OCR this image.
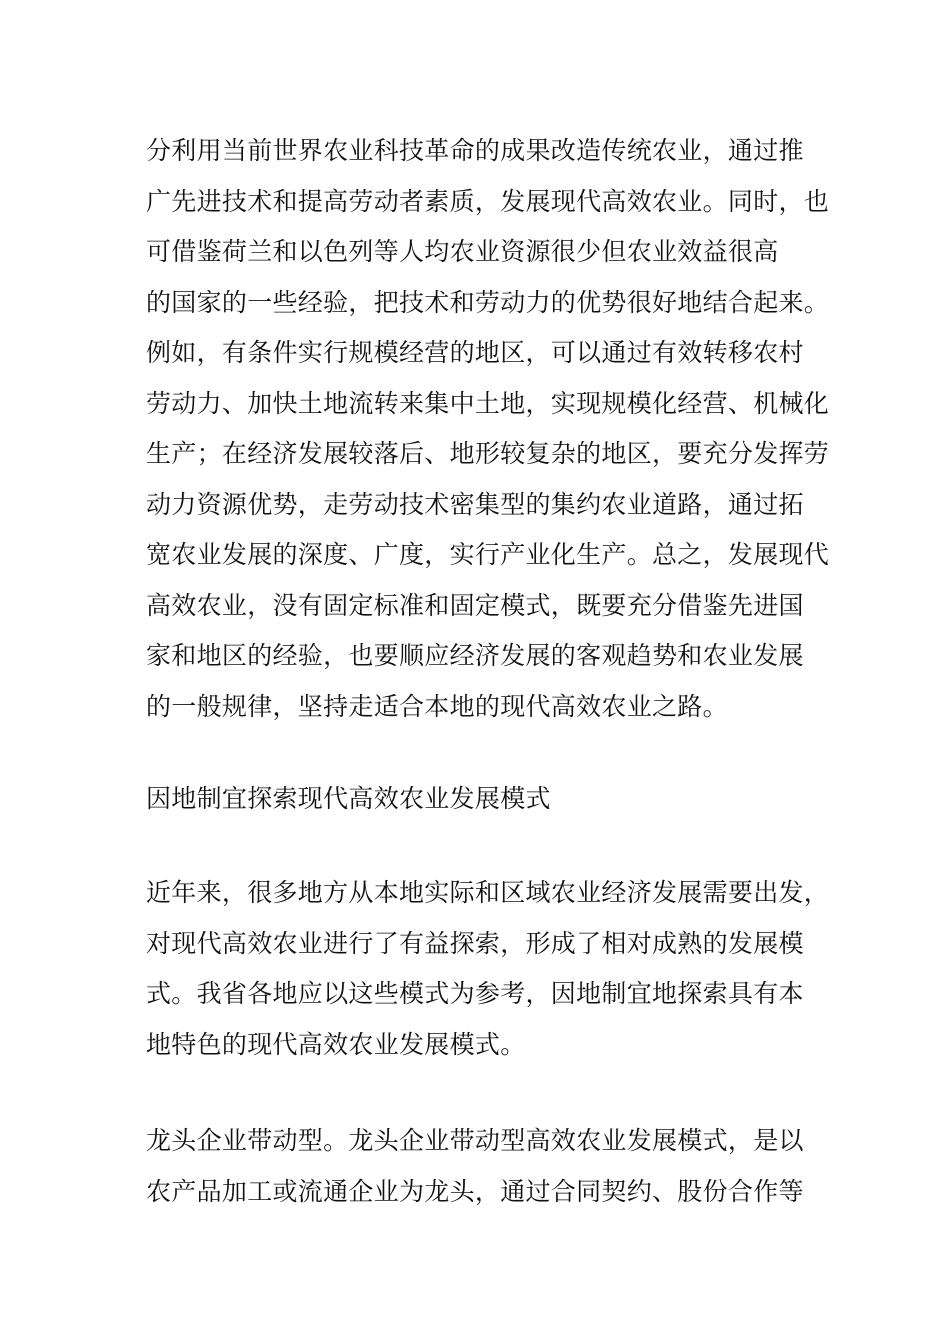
分利用当前世界农业科技革命的成果改造传统农业，通过推
广先进技术和提高劳动者素质，发展现代高效农业。同时，也
可借鉴荷兰和以色列等人均农业资源很少但农业效益很高
的国家的一些经验，把技术和劳动力的优势很好地结合起来。
例如，有条件实行规模经营的地区，可以通过有效转移农村
劳动力、加快土地流转来集中土地，实现规模化经营、机械化
生产；在经济发展较落后、地形较复杂的地区，要充分发挥劳
动力资源优势，走劳动技术密集型的集约农业道路，通过拓
宽农业发展的深度、广度，实行产业化生产。总之，发展现代
高效农业，没有固定标准和固定模式，既要充分借鉴先进国
家和地区的经验，也要顺应经济发展的客观趋势和农业发展
的一般规律，坚持走适合本地的现代高效农业之路。
因地制宜探索现代高效农业发展模式
近年来，很多地方从本地实际和区域农业经济发展需要出发，
对现代高效农业进行了有益探索，形成了相对成熟的发展模
式。我省各地应以这些模式为参考，因地制宜地探索具有本
地特色的现代高效农业发展模式。
龙头企业带动型。龙头企业带动型高效农业发展模式，是以
农产品加工或流通企业为龙头，通过合同契约、股份合作等
